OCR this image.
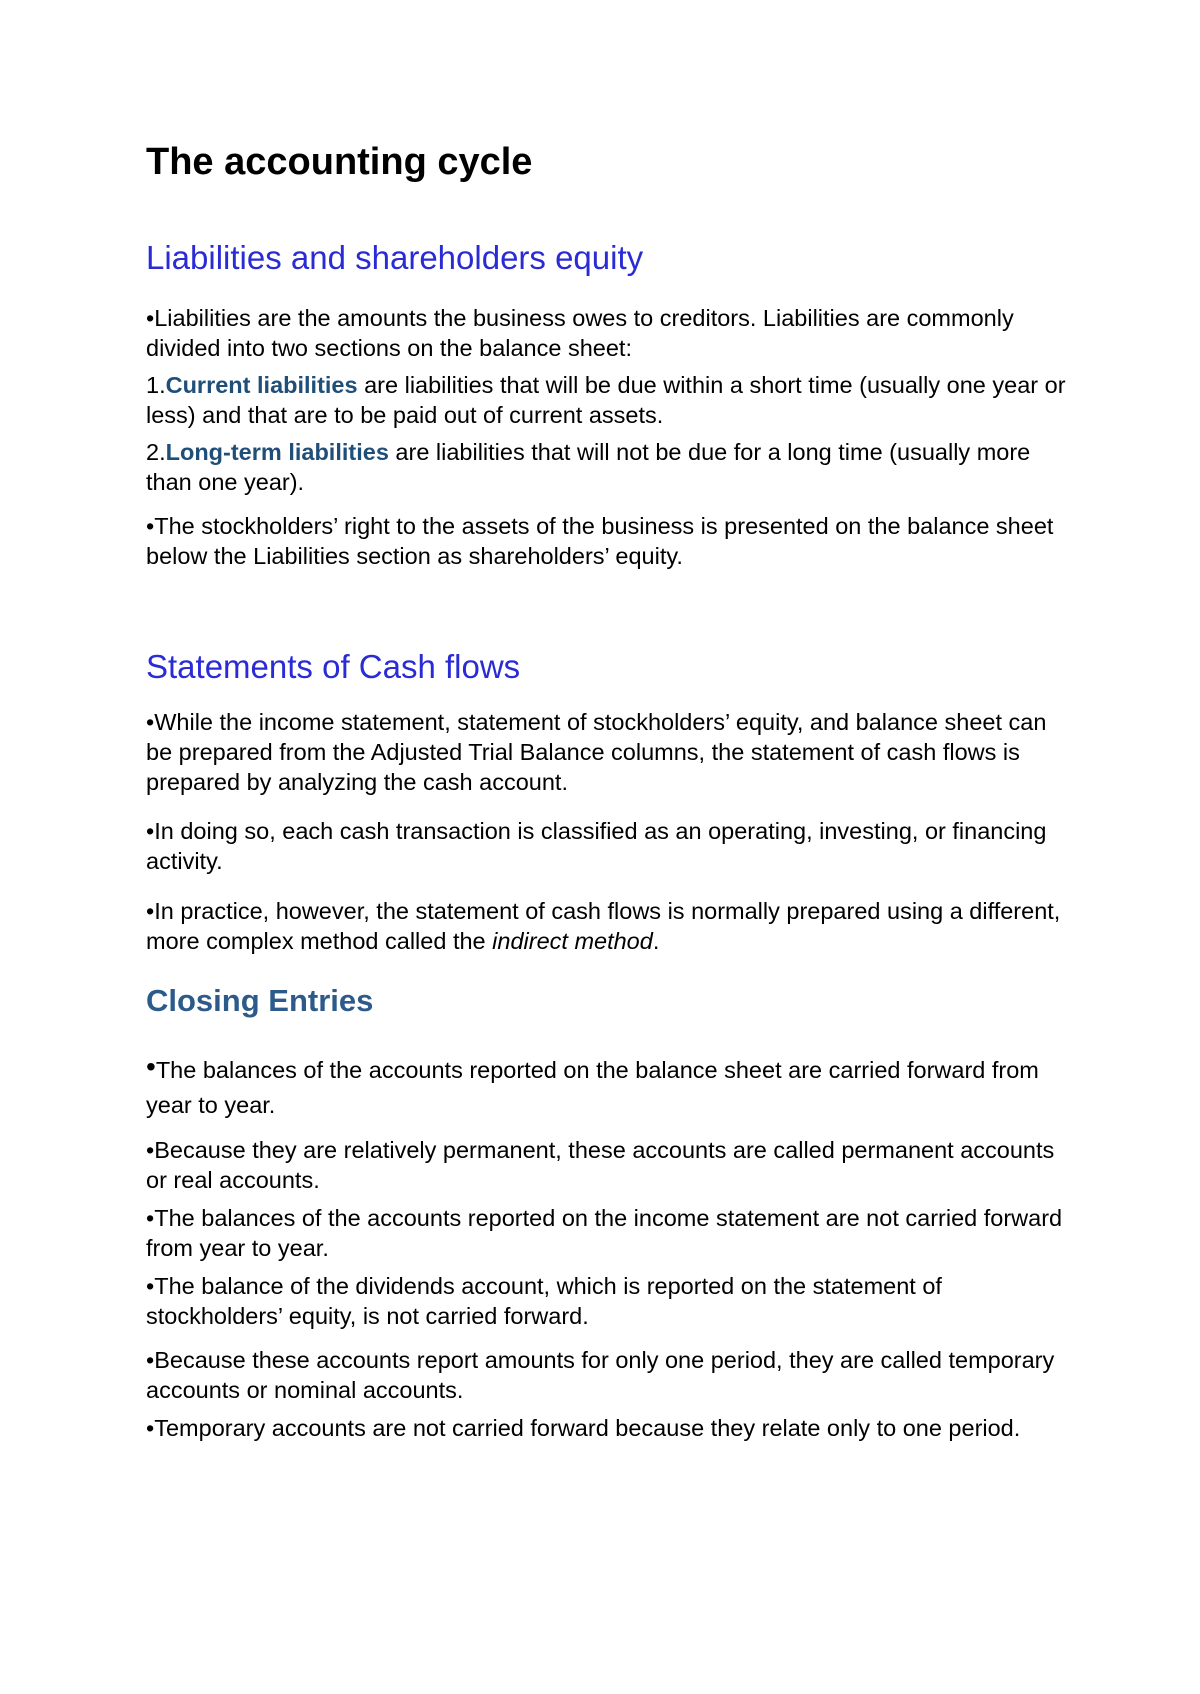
The accounting cycle
Liabilities and shareholders equity

•Liabilities are the amounts the business owes to creditors. Liabilities are commonly divided into two sections on the balance sheet:

1.Current liabilities are liabilities that will be due within a short time (usually one year or less) and that are to be paid out of current assets.

2.Long-term liabilities are liabilities that will not be due for a long time (usually more than one year).

•The stockholders’ right to the assets of the business is presented on the balance sheet below the Liabilities section as shareholders’ equity.

Statements of Cash flows

•While the income statement, statement of stockholders’ equity, and balance sheet can be prepared from the Adjusted Trial Balance columns, the statement of cash flows is prepared by analyzing the cash account.

•In doing so, each cash transaction is classified as an operating, investing, or financing activity.

•In practice, however, the statement of cash flows is normally prepared using a different, more complex method called the indirect method.

Closing Entries

•The balances of the accounts reported on the balance sheet are carried forward from year to year.

•Because they are relatively permanent, these accounts are called permanent accounts or real accounts.

•The balances of the accounts reported on the income statement are not carried forward from year to year.

•The balance of the dividends account, which is reported on the statement of stockholders’ equity, is not carried forward.

•Because these accounts report amounts for only one period, they are called temporary accounts or nominal accounts.

•Temporary accounts are not carried forward because they relate only to one period.
